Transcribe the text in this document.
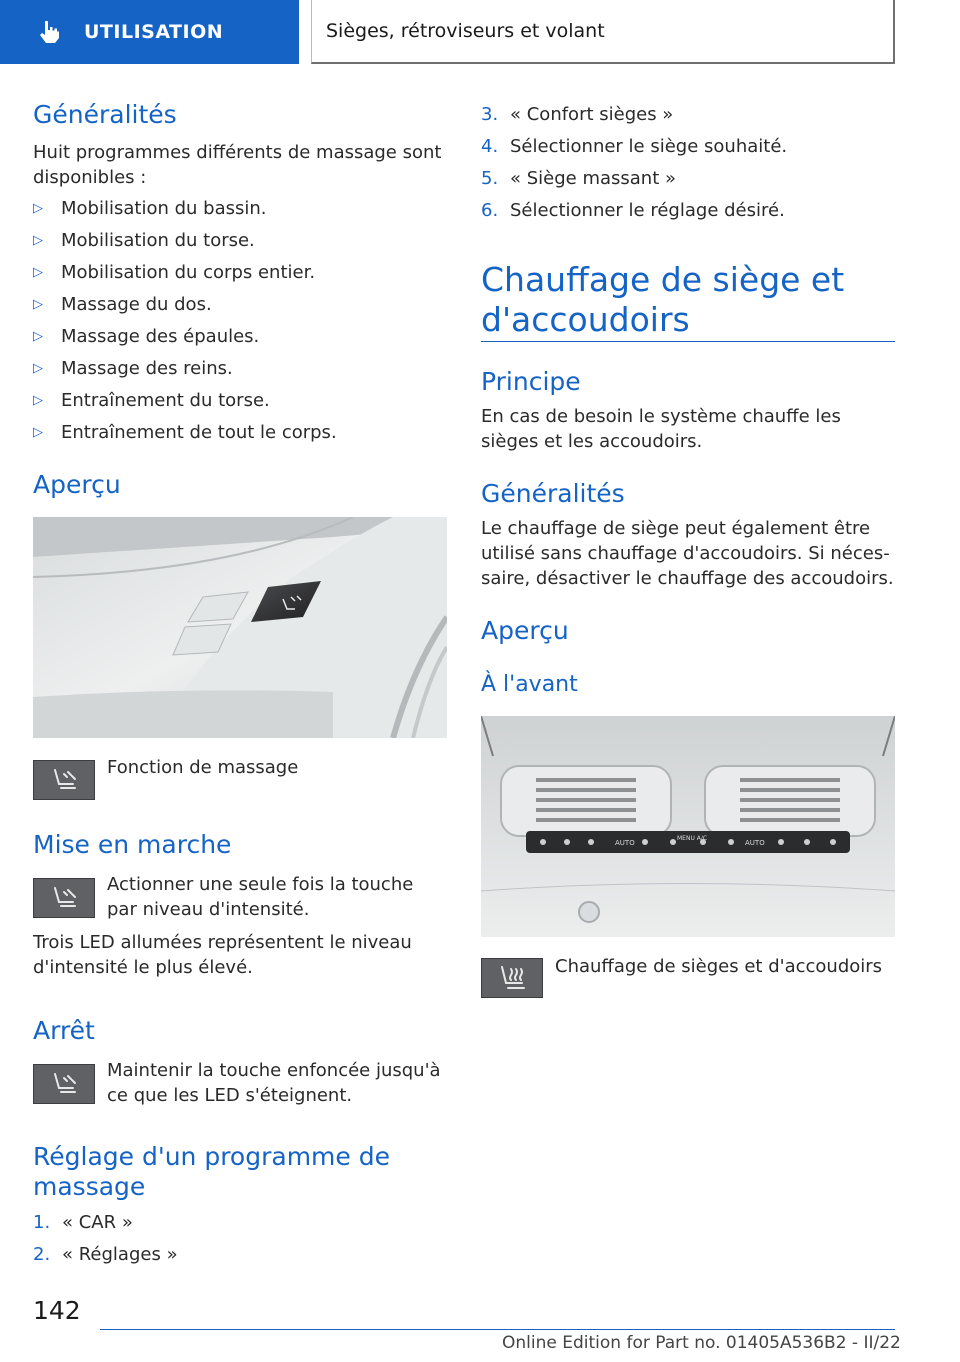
UTILISATION	Sièges, rétroviseurs et volant
Généralités

Huit programmes différents de massage sont disponibles :

▷ Mobilisation du bassin.
▷ Mobilisation du torse.
▷ Mobilisation du corps entier.
▷ Massage du dos.
▷ Massage des épaules.
▷ Massage des reins.
▷ Entraînement du torse.
▷ Entraînement de tout le corps.
Aperçu

Fonction de massage

Mise en marche

Actionner une seule fois la touche par niveau d'intensité.

Trois LED allumées représentent le niveau d'intensité le plus élevé.

Arrêt

Maintenir la touche enfoncée jusqu'à ce que les LED s'éteignent.

Réglage d'un programme de massage
1. « CAR »
2. « Réglages »
3. « Confort sièges »
4. Sélectionner le siège souhaité.
5. « Siège massant »
6. Sélectionner le réglage désiré.
Chauffage de siège et d'accoudoirs
Principe

En cas de besoin le système chauffe les sièges et les accoudoirs.

Généralités

Le chauffage de siège peut également être utilisé sans chauffage d'accoudoirs. Si nécessaire, désactiver le chauffage des accoudoirs.

Aperçu
À l'avant
AUTO
MENU A/C
AUTO

Chauffage de sièges et d'accoudoirs

142
Online Edition for Part no. 01405A536B2 - II/22
